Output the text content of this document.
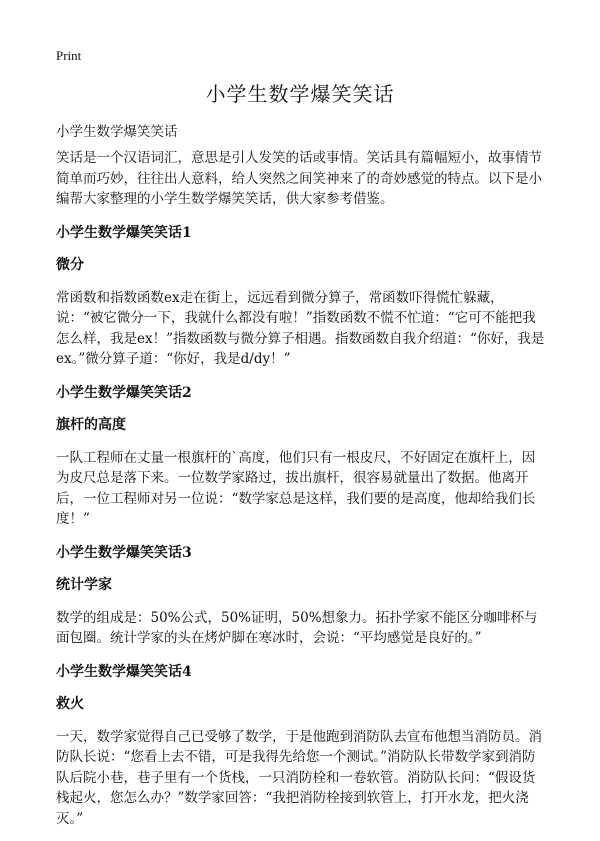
Print
小学生数学爆笑笑话
小学生数学爆笑笑话

笑话是一个汉语词汇，意思是引人发笑的话或事情。笑话具有篇幅短小，故事情节简单而巧妙，往往出人意料，给人突然之间笑神来了的奇妙感觉的特点。以下是小编帮大家整理的小学生数学爆笑笑话，供大家参考借鉴。

小学生数学爆笑笑话1
微分

常函数和指数函数ex走在街上，远远看到微分算子，常函数吓得慌忙躲藏，说：“被它微分一下，我就什么都没有啦！”指数函数不慌不忙道：“它可不能把我怎么样，我是ex！”指数函数与微分算子相遇。指数函数自我介绍道：“你好，我是ex。”微分算子道：“你好，我是d/dy！”

小学生数学爆笑笑话2
旗杆的高度

一队工程师在丈量一根旗杆的`高度，他们只有一根皮尺，不好固定在旗杆上，因为皮尺总是落下来。一位数学家路过，拔出旗杆，很容易就量出了数据。他离开后，一位工程师对另一位说：“数学家总是这样，我们要的是高度，他却给我们长度！”

小学生数学爆笑笑话3
统计学家

数学的组成是：50%公式，50%证明，50%想象力。拓扑学家不能区分咖啡杯与面包圈。统计学家的头在烤炉脚在寒冰时，会说：“平均感觉是良好的。”

小学生数学爆笑笑话4
救火

一天，数学家觉得自己已受够了数学，于是他跑到消防队去宣布他想当消防员。消防队长说：“您看上去不错，可是我得先给您一个测试。”消防队长带数学家到消防队后院小巷，巷子里有一个货栈，一只消防栓和一卷软管。消防队长问：“假设货栈起火，您怎么办？”数学家回答：“我把消防栓接到软管上，打开水龙，把火浇灭。”
